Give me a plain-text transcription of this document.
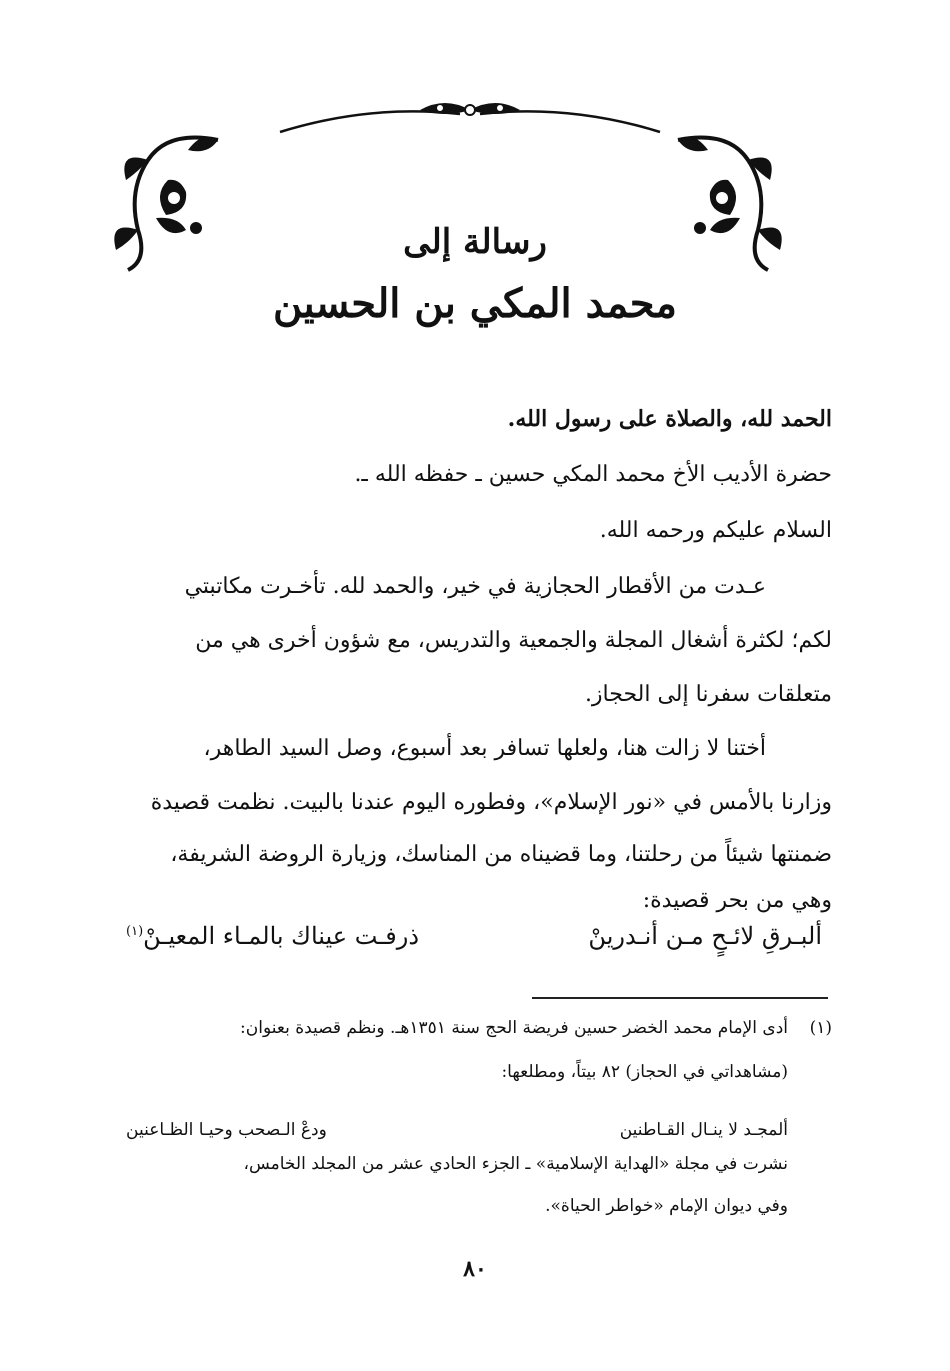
رسالة إلى
محمد المكي بن الحسين
الحمد لله، والصلاة على رسول الله.
حضرة الأديب الأخ محمد المكي حسين ـ حفظه الله ـ.
السلام عليكم ورحمه الله.
عـدت من الأقطار الحجازية في خير، والحمد لله. تأخـرت مكاتبتي
لكم؛ لكثرة أشغال المجلة والجمعية والتدريس، مع شؤون أخرى هي من
متعلقات سفرنا إلى الحجاز.
أختنا لا زالت هنا، ولعلها تسافر بعد أسبوع، وصل السيد الطاهر،
وزارنا بالأمس في «نور الإسلام»، وفطوره اليوم عندنا بالبيت. نظمت قصيدة
ضمنتها شيئاً من رحلتنا، وما قضيناه من المناسك، وزيارة الروضة الشريفة،
وهي من بحر قصيدة:
ألبـرقِ لائـحٍ مـن أنـدرينْ
ذرفـت عيناك بالمـاء المعيـنْ$^{(١)}$
(١)
أدى الإمام محمد الخضر حسين فريضة الحج سنة ١٣٥١هـ. ونظم قصيدة بعنوان:
(مشاهداتي في الحجاز) ٨٢ بيتاً، ومطلعها:
ألمجـد لا ينـال القـاطنين
ودعْ الـصحب وحيـا الظـاعنين
نشرت في مجلة «الهداية الإسلامية» ـ الجزء الحادي عشر من المجلد الخامس،
وفي ديوان الإمام «خواطر الحياة».
٨٠
